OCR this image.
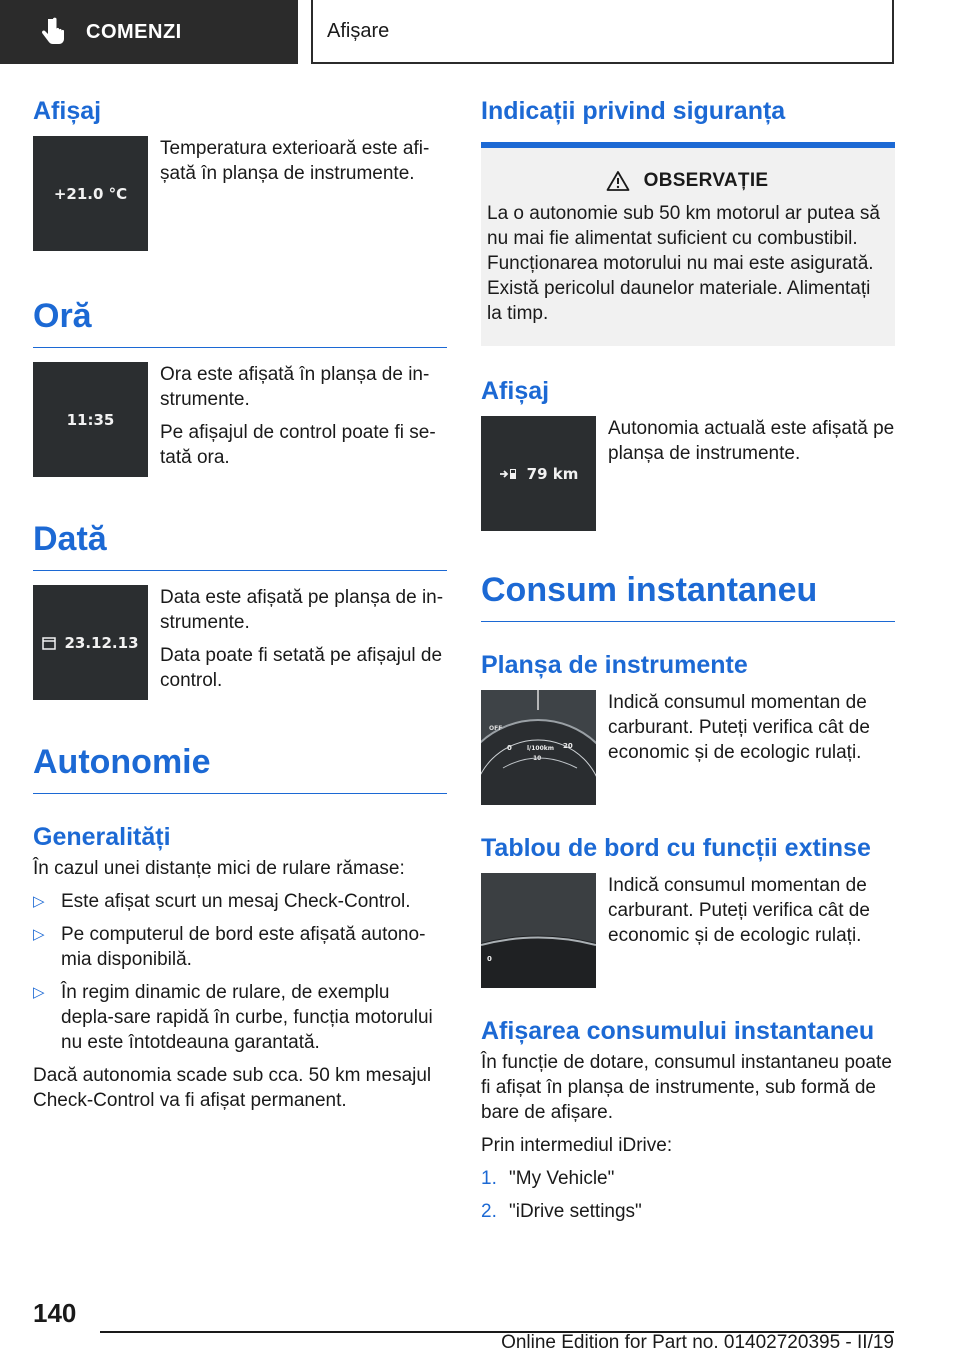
COMENZI	Afișare
Afișaj
+21.0 °C

Temperatura exterioară este afi-șată în planșa de instrumente.

Oră
11:35

Ora este afișată în planșa de in-strumente.

Pe afișajul de control poate fi se-tată ora.

Dată
23.12.13

Data este afișată pe planșa de in-strumente.

Data poate fi setată pe afișajul de control.

Autonomie
Generalități

În cazul unei distanțe mici de rulare rămase:

▷ Este afișat scurt un mesaj Check-Control.
▷ Pe computerul de bord este afișată autono-mia disponibilă.
▷ În regim dinamic de rulare, de exemplu depla-sare rapidă în curbe, funcția motorului nu este întotdeauna garantată.

Dacă autonomia scade sub cca. 50 km mesajul Check-Control va fi afișat permanent.

Indicații privind siguranța
OBSERVAȚIE
La o autonomie sub 50 km motorul ar putea să nu mai fie alimentat suficient cu combustibil. Funcționarea motorului nu mai este asigurată. Există pericolul daunelor materiale. Alimentați la timp.
Afișaj
79 km

Autonomia actuală este afișată pe planșa de instrumente.

Consum instantaneu
Planșa de instrumente
OFF
0	l/100km
10
20

Indică consumul momentan de carburant. Puteți verifica cât de economic și de ecologic rulați.

Tablou de bord cu funcții extinse
0

Indică consumul momentan de carburant. Puteți verifica cât de economic și de ecologic rulați.

Afișarea consumului instantaneu

În funcție de dotare, consumul instantaneu poate fi afișat în planșa de instrumente, sub formă de bare de afișare.

Prin intermediul iDrive:

1. "My Vehicle"
2. "iDrive settings"
140
Online Edition for Part no. 01402720395 - II/19
